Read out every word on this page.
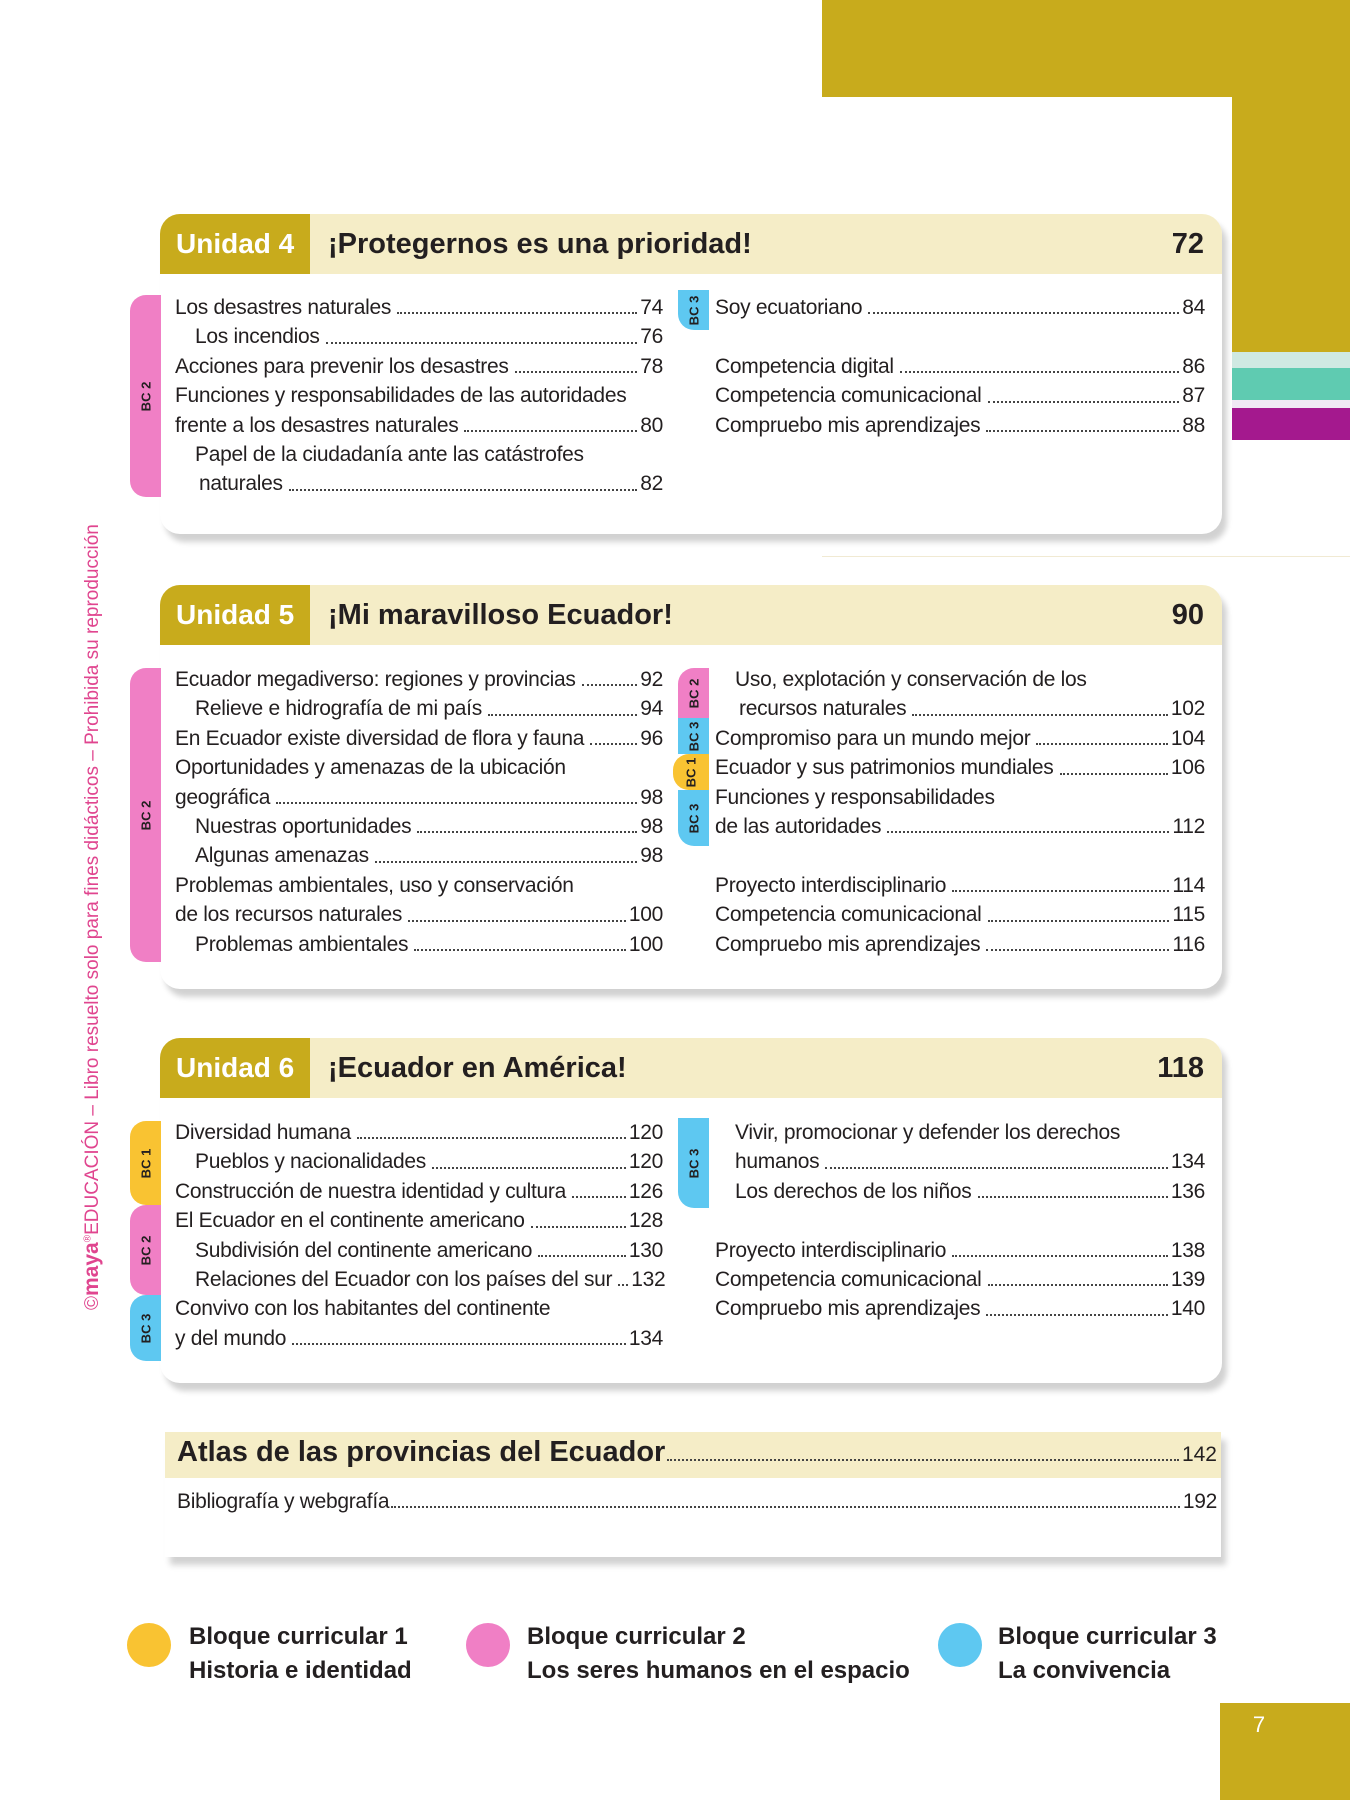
©maya®EDUCACIÓN – Libro resuelto solo para fines didácticos – Prohibida su reproducción
Unidad 4	¡Protegernos es una prioridad!	72
BC 2
BC 3
Los desastres naturales	74
Los incendios	76
Acciones para prevenir los desastres	78
Funciones y responsabilidades de las autoridades
frente a los desastres naturales	80
Papel de la ciudadanía ante las catástrofes
naturales	82
Soy ecuatoriano	84
Competencia digital	86
Competencia comunicacional	87
Compruebo mis aprendizajes	88
Unidad 5	¡Mi maravilloso Ecuador!	90
BC 2
BC 2
BC 3
BC 1
BC 3
Ecuador megadiverso: regiones y provincias	92
Relieve e hidrografía de mi país	94
En Ecuador existe diversidad de flora y fauna	96
Oportunidades y amenazas de la ubicación
geográfica	98
Nuestras oportunidades	98
Algunas amenazas	98
Problemas ambientales, uso y conservación
de los recursos naturales	100
Problemas ambientales	100
Uso, explotación y conservación de los
recursos naturales	102
Compromiso para un mundo mejor	104
Ecuador y sus patrimonios mundiales	106
Funciones y responsabilidades
de las autoridades	112
Proyecto interdisciplinario	114
Competencia comunicacional	115
Compruebo mis aprendizajes	116
Unidad 6	¡Ecuador en América!	118
BC 1
BC 2
BC 3
BC 3
Diversidad humana	120
Pueblos y nacionalidades	120
Construcción de nuestra identidad y cultura	126
El Ecuador en el continente americano	128
Subdivisión del continente americano	130
Relaciones del Ecuador con los países del sur 132
Convivo con los habitantes del continente
y del mundo	134
Vivir, promocionar y defender los derechos
humanos	134
Los derechos de los niños	136
Proyecto interdisciplinario	138
Competencia comunicacional	139
Compruebo mis aprendizajes	140
Atlas de las provincias del Ecuador	142
Bibliografía y webgrafía	192
Bloque curricular 1
Historia e identidad
Bloque curricular 2
Los seres humanos en el espacio
Bloque curricular 3
La convivencia
7
